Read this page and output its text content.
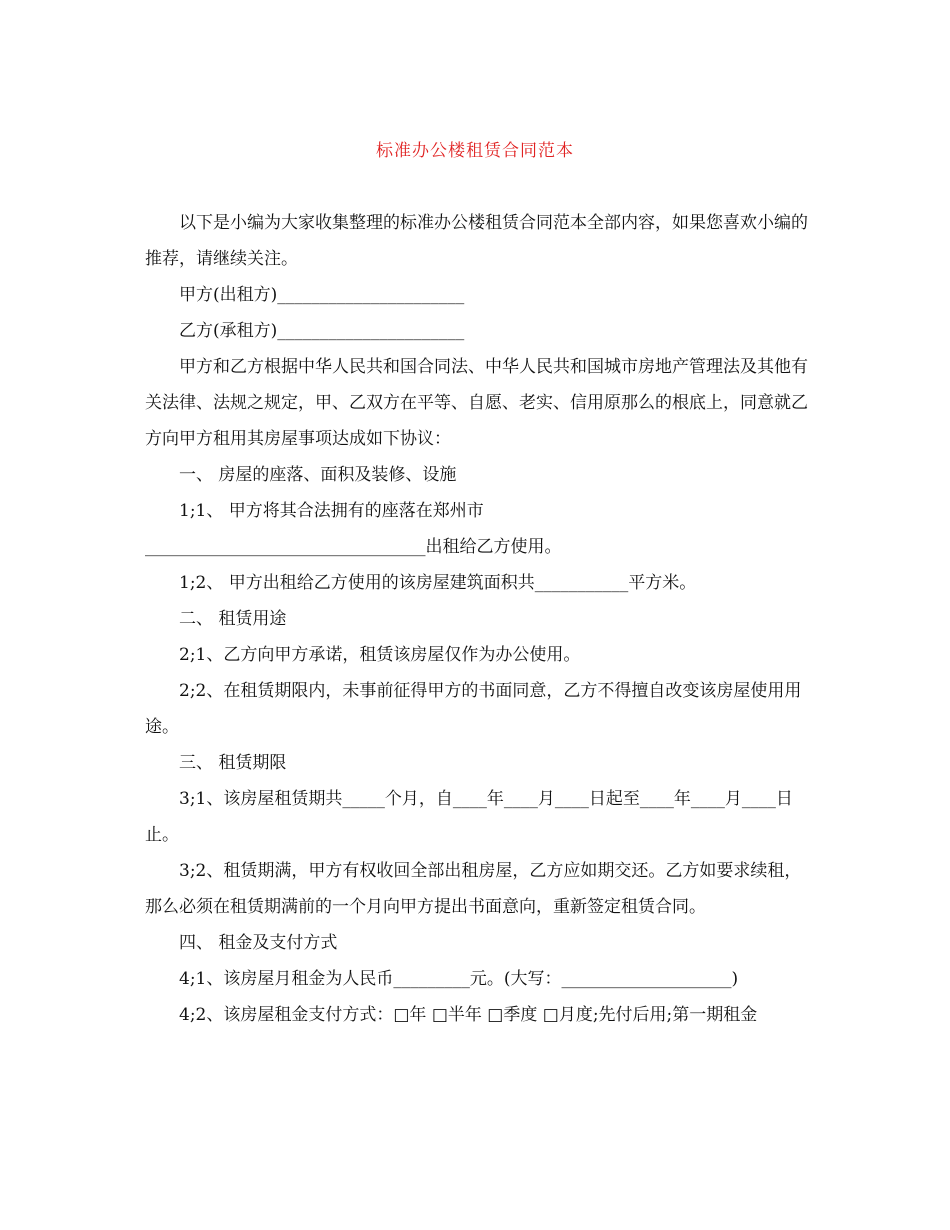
标准办公楼租赁合同范本

以下是小编为大家收集整理的标准办公楼租赁合同范本全部内容，如果您喜欢小编的推荐，请继续关注。

甲方(出租方)______________________

乙方(承租方)______________________

甲方和乙方根据中华人民共和国合同法、中华人民共和国城市房地产管理法及其他有关法律、法规之规定，甲、乙双方在平等、自愿、老实、信用原那么的根底上，同意就乙方向甲方租用其房屋事项达成如下协议：

一、 房屋的座落、面积及装修、设施

1;1、 甲方将其合法拥有的座落在郑州市

_________________________________出租给乙方使用。

1;2、 甲方出租给乙方使用的该房屋建筑面积共___________平方米。

二、 租赁用途

2;1、乙方向甲方承诺，租赁该房屋仅作为办公使用。

2;2、在租赁期限内，未事前征得甲方的书面同意，乙方不得擅自改变该房屋使用用途。

三、 租赁期限

3;1、该房屋租赁期共_____个月，自____年____月____日起至____年____月____日止。

3;2、租赁期满，甲方有权收回全部出租房屋，乙方应如期交还。乙方如要求续租，那么必须在租赁期满前的一个月向甲方提出书面意向，重新签定租赁合同。

四、 租金及支付方式

4;1、该房屋月租金为人民币_________元。(大写：____________________)

4;2、该房屋租金支付方式：□年 □半年 □季度 □月度;先付后用;第一期租金
